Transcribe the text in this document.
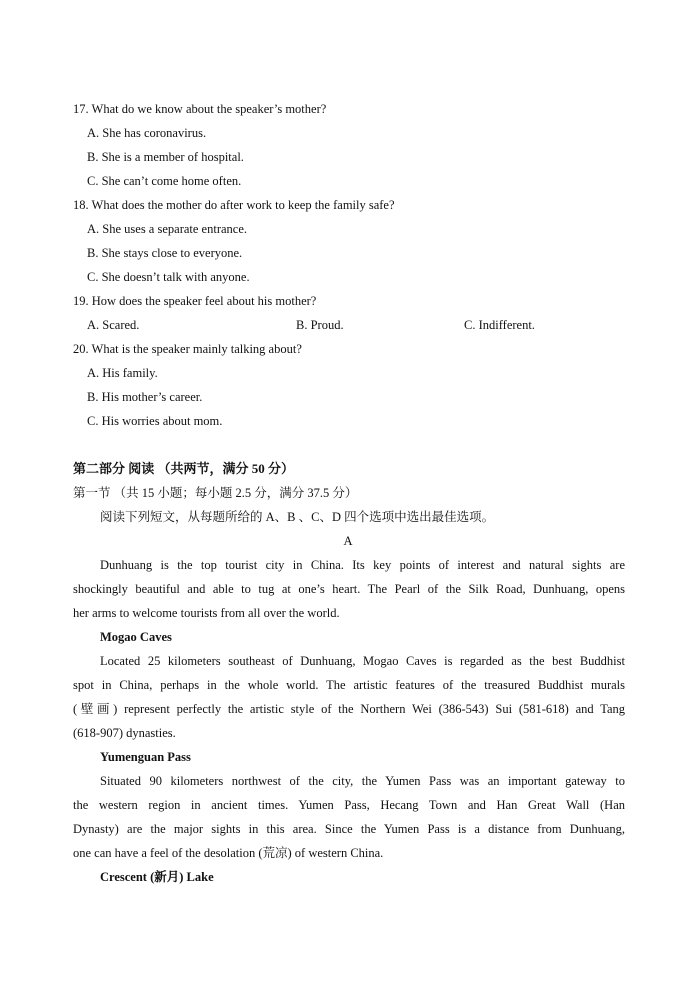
17. What do we know about the speaker’s mother?
A. She has coronavirus.
B. She is a member of hospital.
C. She can’t come home often.
18. What does the mother do after work to keep the family safe?
A. She uses a separate entrance.
B. She stays close to everyone.
C. She doesn’t talk with anyone.
19. How does the speaker feel about his mother?
A. Scared.	B. Proud.	C. Indifferent.
20. What is the speaker mainly talking about?
A. His family.
B. His mother’s career.
C. His worries about mom.
第二部分 阅读 （共两节，满分 50 分）
第一节 （共 15 小题；每小题 2.5 分，满分 37.5 分）
阅读下列短文，从每题所给的 A、B 、C、D 四个选项中选出最佳选项。
A
Dunhuang is the top tourist city in China. Its key points of interest and natural sights are
shockingly beautiful and able to tug at one’s heart. The Pearl of the Silk Road, Dunhuang, opens
her arms to welcome tourists from all over the world.
Mogao Caves
Located 25 kilometers southeast of Dunhuang, Mogao Caves is regarded as the best Buddhist
spot in China, perhaps in the whole world. The artistic features of the treasured Buddhist murals
(壁画) represent perfectly the artistic style of the Northern Wei (386-543) Sui (581-618) and Tang
(618-907) dynasties.
Yumenguan Pass
Situated 90 kilometers northwest of the city, the Yumen Pass was an important gateway to
the western region in ancient times. Yumen Pass, Hecang Town and Han Great Wall (Han
Dynasty) are the major sights in this area. Since the Yumen Pass is a distance from Dunhuang,
one can have a feel of the desolation (荒凉) of western China.
Crescent (新月) Lake
